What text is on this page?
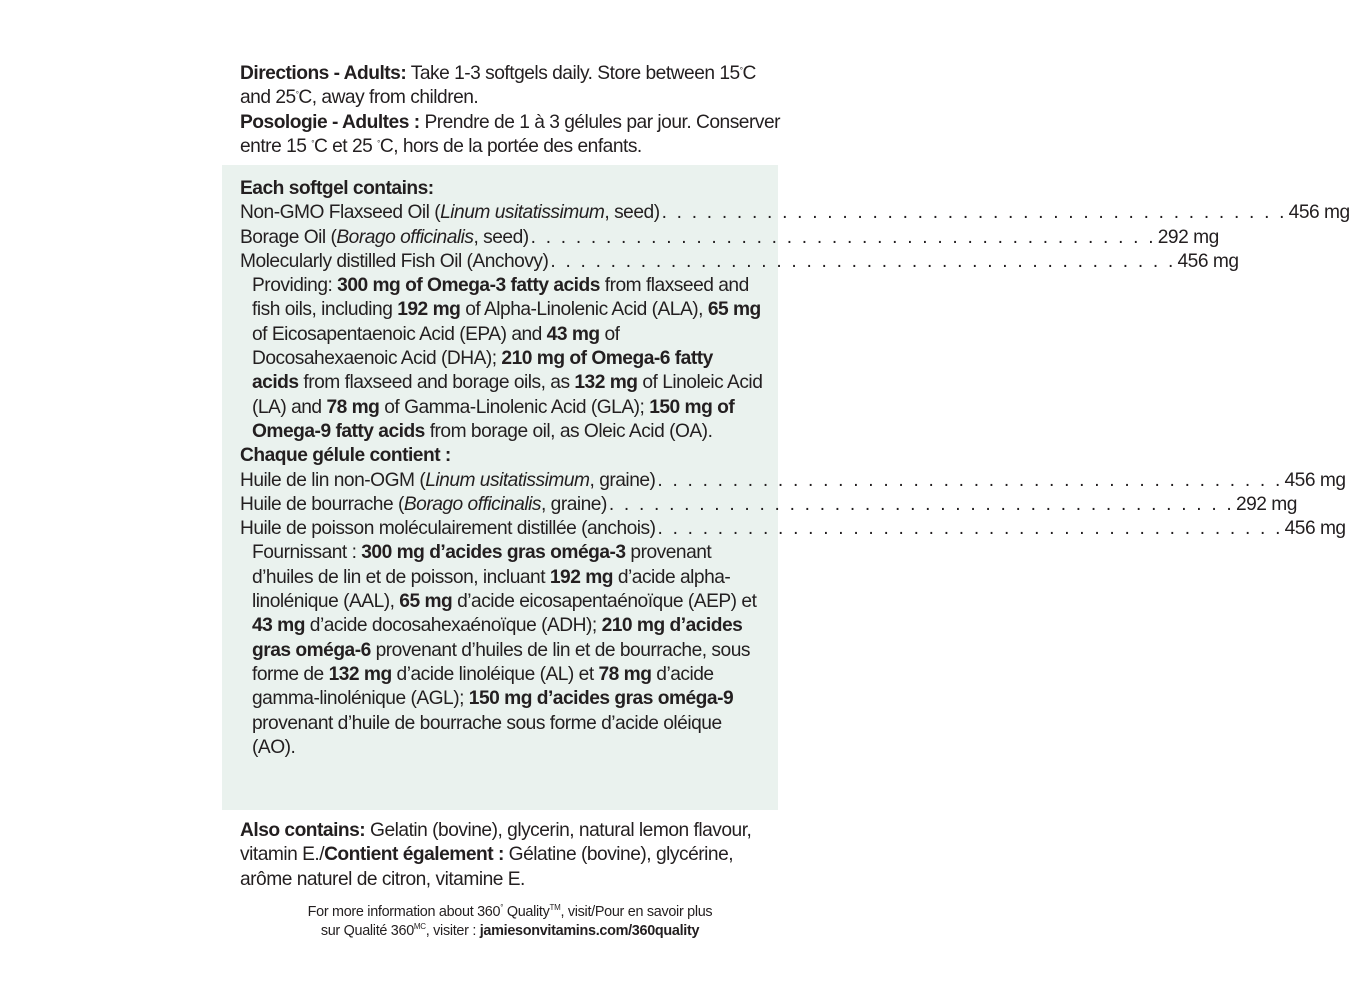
Directions - Adults: Take 1-3 softgels daily. Store between 15°C and 25°C, away from children.
Posologie - Adultes : Prendre de 1 à 3 gélules par jour. Conserver entre 15 °C et 25 °C, hors de la portée des enfants.
Each softgel contains:
Non-GMO Flaxseed Oil (Linum usitatissimum, seed) . . . . . . . . . . . . . . . . . . . . . . . . . . . . . . . . . . . . . . . . . . 456 mg
Borage Oil (Borago officinalis, seed) . . . . . . . . . . . . . . . . . . . . . . . . . . . . . . . . . . . . . . . . . . 292 mg
Molecularly distilled Fish Oil (Anchovy) . . . . . . . . . . . . . . . . . . . . . . . . . . . . . . . . . . . . . . . . . . 456 mg
Providing: 300 mg of Omega-3 fatty acids from flaxseed and fish oils, including 192 mg of Alpha-Linolenic Acid (ALA), 65 mg of Eicosapentaenoic Acid (EPA) and 43 mg of Docosahexaenoic Acid (DHA); 210 mg of Omega-6 fatty acids from flaxseed and borage oils, as 132 mg of Linoleic Acid (LA) and 78 mg of Gamma-Linolenic Acid (GLA); 150 mg of Omega-9 fatty acids from borage oil, as Oleic Acid (OA).
Chaque gélule contient :
Huile de lin non-OGM (Linum usitatissimum, graine) . . . . . . . . . . . . . . . . . . . . . . . . . . . . . . . . . . . . . . . . . . 456 mg
Huile de bourrache (Borago officinalis, graine) . . . . . . . . . . . . . . . . . . . . . . . . . . . . . . . . . . . . . . . . . . 292 mg
Huile de poisson moléculairement distillée (anchois) . . . . . . . . . . . . . . . . . . . . . . . . . . . . . . . . . . . . . . . . . . 456 mg
Fournissant : 300 mg d’acides gras oméga-3 provenant d’huiles de lin et de poisson, incluant 192 mg d’acide alpha-linolénique (AAL), 65 mg d’acide eicosapentaénoïque (AEP) et 43 mg d’acide docosahexaénoïque (ADH); 210 mg d’acides gras oméga-6 provenant d’huiles de lin et de bourrache, sous forme de 132 mg d’acide linoléique (AL) et 78 mg d’acide gamma-linolénique (AGL); 150 mg d’acides gras oméga-9 provenant d’huile de bourrache sous forme d’acide oléique (AO).
Also contains: Gelatin (bovine), glycerin, natural lemon flavour, vitamin E./Contient également : Gélatine (bovine), glycérine, arôme naturel de citron, vitamine E.
For more information about 360° Quality™, visit/Pour en savoir plus
sur Qualité $360^{MC}$, visiter : jamiesonvitamins.com/360quality
